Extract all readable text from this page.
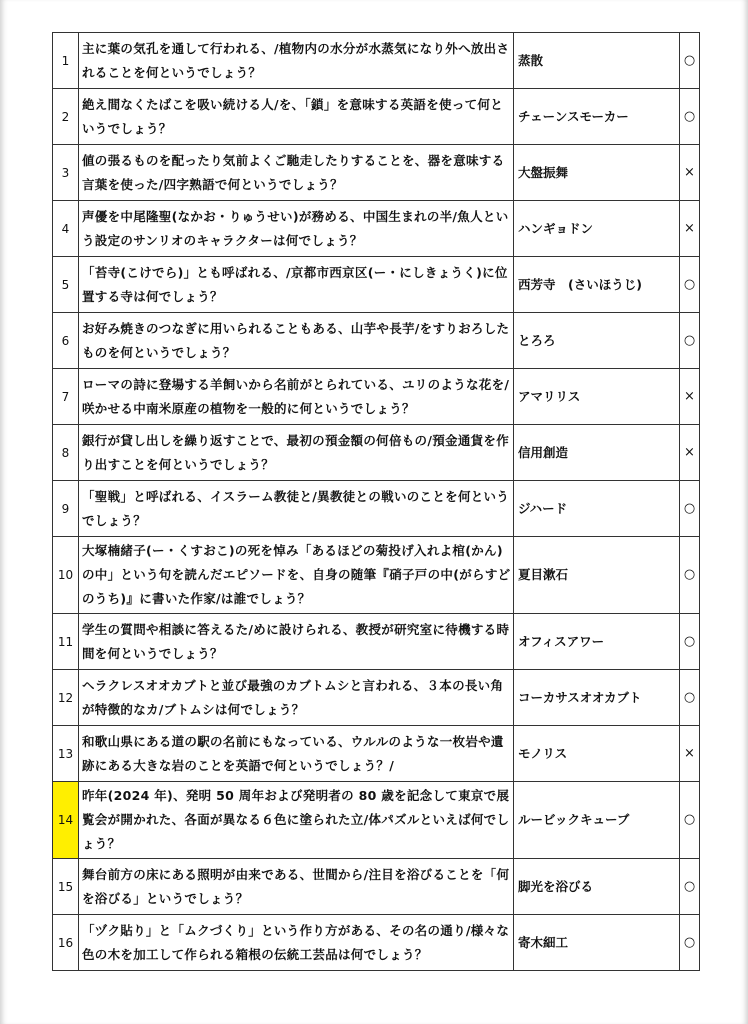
1	主に葉の気孔を通して行われる、/植物内の水分が水蒸気になり外へ放出されることを何というでしょう？	蒸散	○
2	絶え間なくたばこを吸い続ける人/を、「鎖」を意味する英語を使って何というでしょう？	チェーンスモーカー	○
3	値の張るものを配ったり気前よくご馳走したりすることを、器を意味する言葉を使った/四字熟語で何というでしょう？	大盤振舞	×
4	声優を中尾隆聖(なかお・りゅうせい)が務める、中国生まれの半/魚人という設定のサンリオのキャラクターは何でしょう？	ハンギョドン	×
5	「苔寺(こけでら)」とも呼ばれる、/京都市西京区(ー・にしきょうく)に位置する寺は何でしょう？	西芳寺　(さいほうじ)	○
6	お好み焼きのつなぎに用いられることもある、山芋や長芋/をすりおろしたものを何というでしょう？	とろろ	○
7	ローマの詩に登場する羊飼いから名前がとられている、ユリのような花を/咲かせる中南米原産の植物を一般的に何というでしょう？	アマリリス	×
8	銀行が貸し出しを繰り返すことで、最初の預金額の何倍もの/預金通貨を作り出すことを何というでしょう？	信用創造	×
9	「聖戦」と呼ばれる、イスラーム教徒と/異教徒との戦いのことを何というでしょう？	ジハード	○
10	大塚楠緒子(ー・くすおこ)の死を悼み「あるほどの菊投げ入れよ棺(かん)の中」という句を読んだエピソードを、自身の随筆『硝子戸の中(がらすどのうち)』に書いた作家/は誰でしょう？	夏目漱石	○
11	学生の質問や相談に答えるた/めに設けられる、教授が研究室に待機する時間を何というでしょう？	オフィスアワー	○
12	ヘラクレスオオカブトと並び最強のカブトムシと言われる、３本の長い角が特徴的なカ/ブトムシは何でしょう？	コーカサスオオカブト	○
13	和歌山県にある道の駅の名前にもなっている、ウルルのような一枚岩や遺跡にある大きな岩のことを英語で何というでしょう？/	モノリス	×
14	昨年(2024 年)、発明 50 周年および発明者の 80 歳を記念して東京で展覧会が開かれた、各面が異なる６色に塗られた立/体パズルといえば何でしょう？	ルービックキューブ	○
15	舞台前方の床にある照明が由来である、世間から/注目を浴びることを「何を浴びる」というでしょう？	脚光を浴びる	○
16	「ヅク貼り」と「ムクづくり」という作り方がある、その名の通り/様々な色の木を加工して作られる箱根の伝統工芸品は何でしょう？	寄木細工	○
